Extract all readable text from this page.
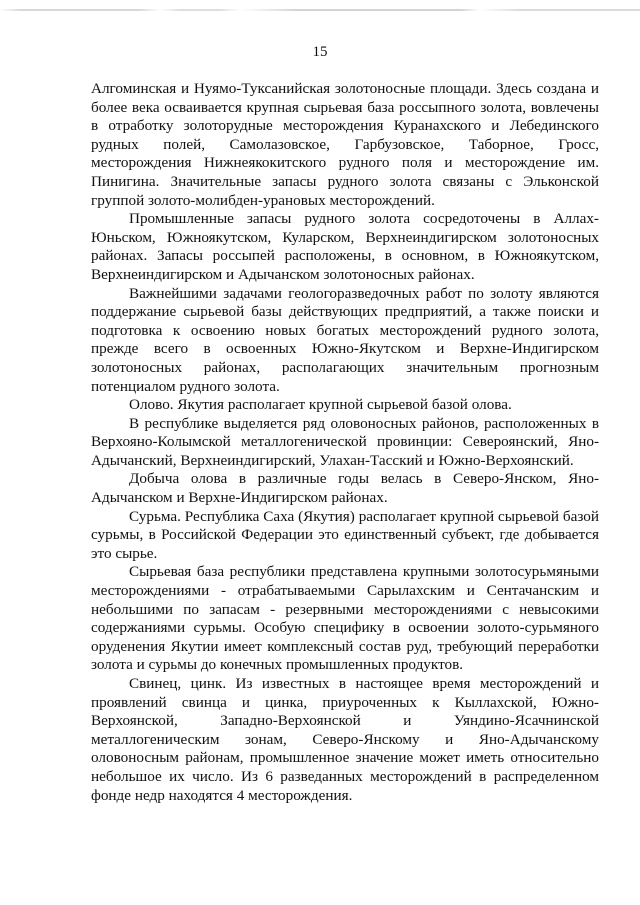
15

Алгоминская и Нуямо-Туксанийская золотоносные площади. Здесь создана и более века осваивается крупная сырьевая база россыпного золота, вовлечены в отработку золоторудные месторождения Куранахского и Лебединского рудных полей, Самолазовское, Гарбузовское, Таборное, Гросс, месторождения Нижнеякокитского рудного поля и месторождение им. Пинигина. Значительные запасы рудного золота связаны с Эльконской группой золото-молибден-урановых месторождений.

Промышленные запасы рудного золота сосредоточены в Аллах-Юньском, Южноякутском, Куларском, Верхнеиндигирском золотоносных районах. Запасы россыпей расположены, в основном, в Южноякутском, Верхнеиндигирском и Адычанском золотоносных районах.

Важнейшими задачами геологоразведочных работ по золоту являются поддержание сырьевой базы действующих предприятий, а также поиски и подготовка к освоению новых богатых месторождений рудного золота, прежде всего в освоенных Южно-Якутском и Верхне-Индигирском золотоносных районах, располагающих значительным прогнозным потенциалом рудного золота.

Олово. Якутия располагает крупной сырьевой базой олова.

В республике выделяется ряд оловоносных районов, расположенных в Верхояно-Колымской металлогенической провинции: Североянский, Яно-Адычанский, Верхнеиндигирский, Улахан-Тасский и Южно-Верхоянский.

Добыча олова в различные годы велась в Северо-Янском, Яно-Адычанском и Верхне-Индигирском районах.

Сурьма. Республика Саха (Якутия) располагает крупной сырьевой базой сурьмы, в Российской Федерации это единственный субъект, где добывается это сырье.

Сырьевая база республики представлена крупными золотосурьмяными месторождениями - отрабатываемыми Сарылахским и Сентачанским и небольшими по запасам - резервными месторождениями с невысокими содержаниями сурьмы. Особую специфику в освоении золото-сурьмяного оруденения Якутии имеет комплексный состав руд, требующий переработки золота и сурьмы до конечных промышленных продуктов.

Свинец, цинк. Из известных в настоящее время месторождений и проявлений свинца и цинка, приуроченных к Кыллахской, Южно-Верхоянской, Западно-Верхоянской и Уяндино-Ясачнинской металлогеническим зонам, Северо-Янскому и Яно-Адычанскому оловоносным районам, промышленное значение может иметь относительно небольшое их число. Из 6 разведанных месторождений в распределенном фонде недр находятся 4 месторождения.
